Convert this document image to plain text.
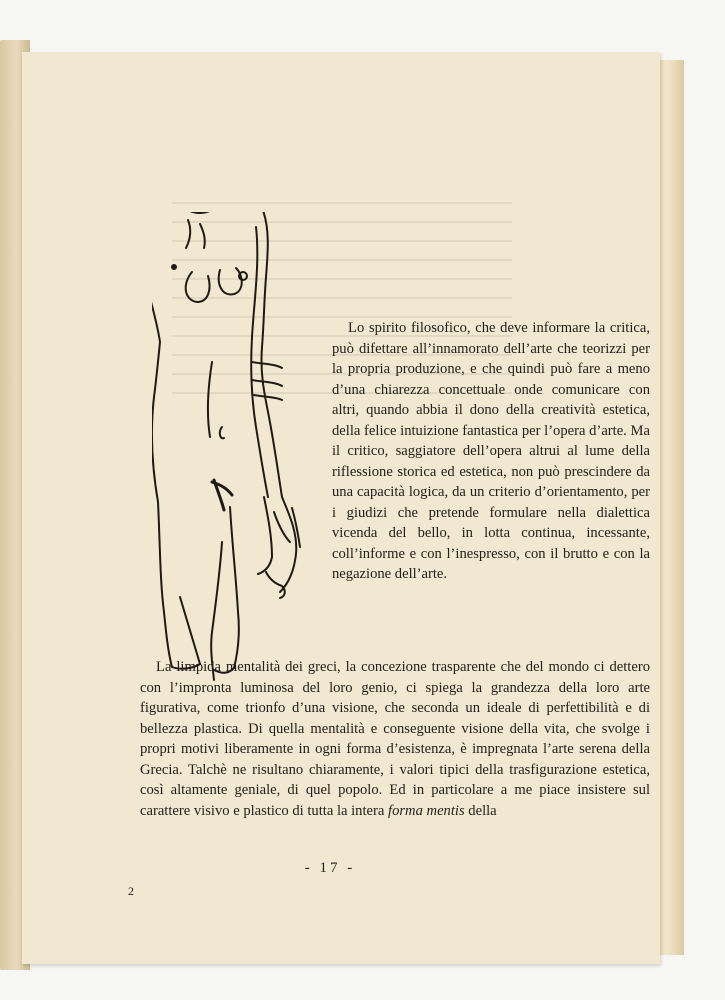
Lo spirito filosofico, che deve informare la critica, può difettare all’innamorato dell’arte che teorizzi per la propria produzione, e che quindi può fare a meno d’una chiarezza concettuale onde comunicare con altri, quando abbia il dono della creatività estetica, della felice intuizione fantastica per l’opera d’arte. Ma il critico, saggiatore dell’opera altrui al lume della riflessione storica ed estetica, non può prescindere da una capacità logica, da un criterio d’orientamento, per i giudizi che pretende formulare nella dialettica vicenda del bello, in lotta continua, incessante, coll’informe e con l’inespresso, con il brutto e con la negazione dell’arte.

La limpida mentalità dei greci, la concezione trasparente che del mondo ci dettero con l’impronta luminosa del loro genio, ci spiega la grandezza della loro arte figurativa, come trionfo d’una visione, che seconda un ideale di perfettibilità e di bellezza plastica. Di quella mentalità e conseguente visione della vita, che svolge i propri motivi liberamente in ogni forma d’esistenza, è impregnata l’arte serena della Grecia. Talchè ne risultano chiaramente, i valori tipici della trasfigurazione estetica, così altamente geniale, di quel popolo. Ed in particolare a me piace insistere sul carattere visivo e plastico di tutta la intera forma mentis della

- 17 -
2
